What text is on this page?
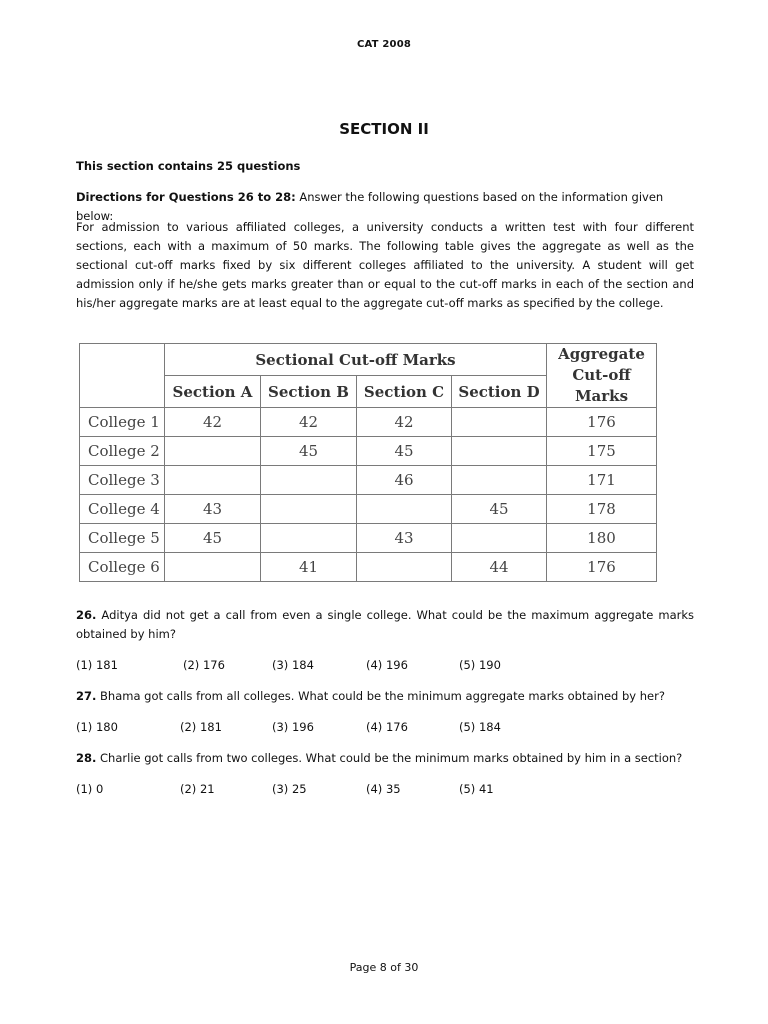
CAT 2008
SECTION II
This section contains 25 questions
Directions for Questions 26 to 28: Answer the following questions based on the information given below:
For admission to various affiliated colleges, a university conducts a written test with four different sections, each with a maximum of 50 marks. The following table gives the aggregate as well as the sectional cut-off marks fixed by six different colleges affiliated to the university. A student will get admission only if he/she gets marks greater than or equal to the cut-off marks in each of the section and his/her aggregate marks are at least equal to the aggregate cut-off marks as specified by the college.
	Sectional Cut-off Marks				Aggregate
Cut-off Marks
	Section A	Section B	Section C	Section D	
College 1	42	42	42		176
College 2		45	45		175
College 3			46		171
College 4	43			45	178
College 5	45		43		180
College 6		41		44	176
26. Aditya did not get a call from even a single college. What could be the maximum aggregate marks obtained by him?
(1) 181	(2) 176	(3) 184	(4) 196	(5) 190
27. Bhama got calls from all colleges. What could be the minimum aggregate marks obtained by her?
(1) 180	(2) 181	(3) 196	(4) 176	(5) 184
28. Charlie got calls from two colleges. What could be the minimum marks obtained by him in a section?
(1) 0	(2) 21	(3) 25	(4) 35	(5) 41
Page 8 of 30
